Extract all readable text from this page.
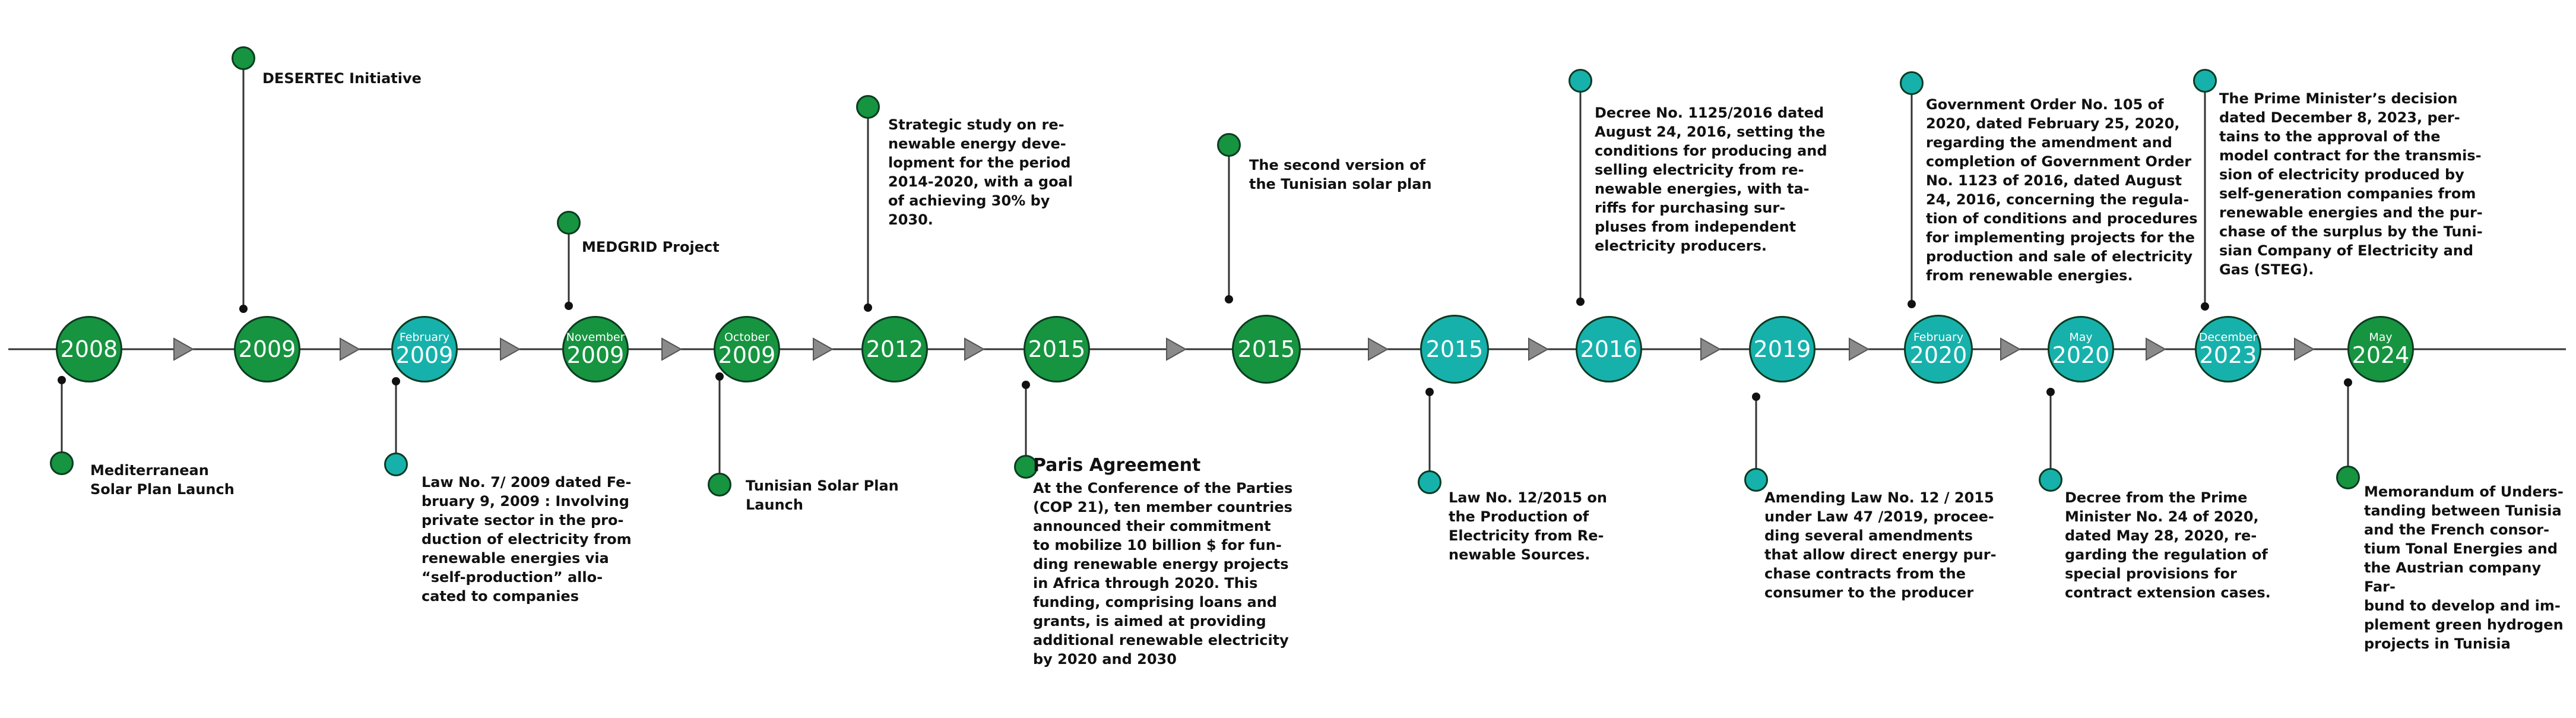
2008
Mediterranean
Solar Plan Launch
2009
DESERTEC Initiative
February
2009
Law No. 7/ 2009 dated Fe-
bruary 9, 2009 : Involving
private sector in the pro-
duction of electricity from
renewable energies via
“self-production” allo-
cated to companies
November
2009
MEDGRID Project
October
2009
Tunisian Solar Plan
Launch
2012
Strategic study on re-
newable energy deve-
lopment for the period
2014-2020, with a goal
of achieving 30% by
2030.
2015
Paris Agreement
At the Conference of the Parties
(COP 21), ten member countries
announced their commitment
to mobilize 10 billion $ for fun-
ding renewable energy projects
in Africa through 2020. This
funding, comprising loans and
grants, is aimed at providing
additional renewable electricity
by 2020 and 2030
2015
The second version of
the Tunisian solar plan
2015
Law No. 12/2015 on
the Production of
Electricity from Re-
newable Sources.
2016
Decree No. 1125/2016 dated
August 24, 2016, setting the
conditions for producing and
selling electricity from re-
newable energies, with ta-
riffs for purchasing sur-
pluses from independent
electricity producers.
2019
Amending Law No. 12 / 2015
under Law 47 /2019, procee-
ding several amendments
that allow direct energy pur-
chase contracts from the
consumer to the producer
February
2020
Government Order No. 105 of
2020, dated February 25, 2020,
regarding the amendment and
completion of Government Order
No. 1123 of 2016, dated August
24, 2016, concerning the regula-
tion of conditions and procedures
for implementing projects for the
production and sale of electricity
from renewable energies.
May
2020
Decree from the Prime
Minister No. 24 of 2020,
dated May 28, 2020, re-
garding the regulation of
special provisions for
contract extension cases.
December
2023
The Prime Minister’s decision
dated December 8, 2023, per-
tains to the approval of the
model contract for the transmis-
sion of electricity produced by
self-generation companies from
renewable energies and the pur-
chase of the surplus by the Tuni-
sian Company of Electricity and
Gas (STEG).
May
2024
Memorandum of Unders-
tanding between Tunisia
and the French consor-
tium Tonal Energies and
the Austrian company Far-
bund to develop and im-
plement green hydrogen
projects in Tunisia
